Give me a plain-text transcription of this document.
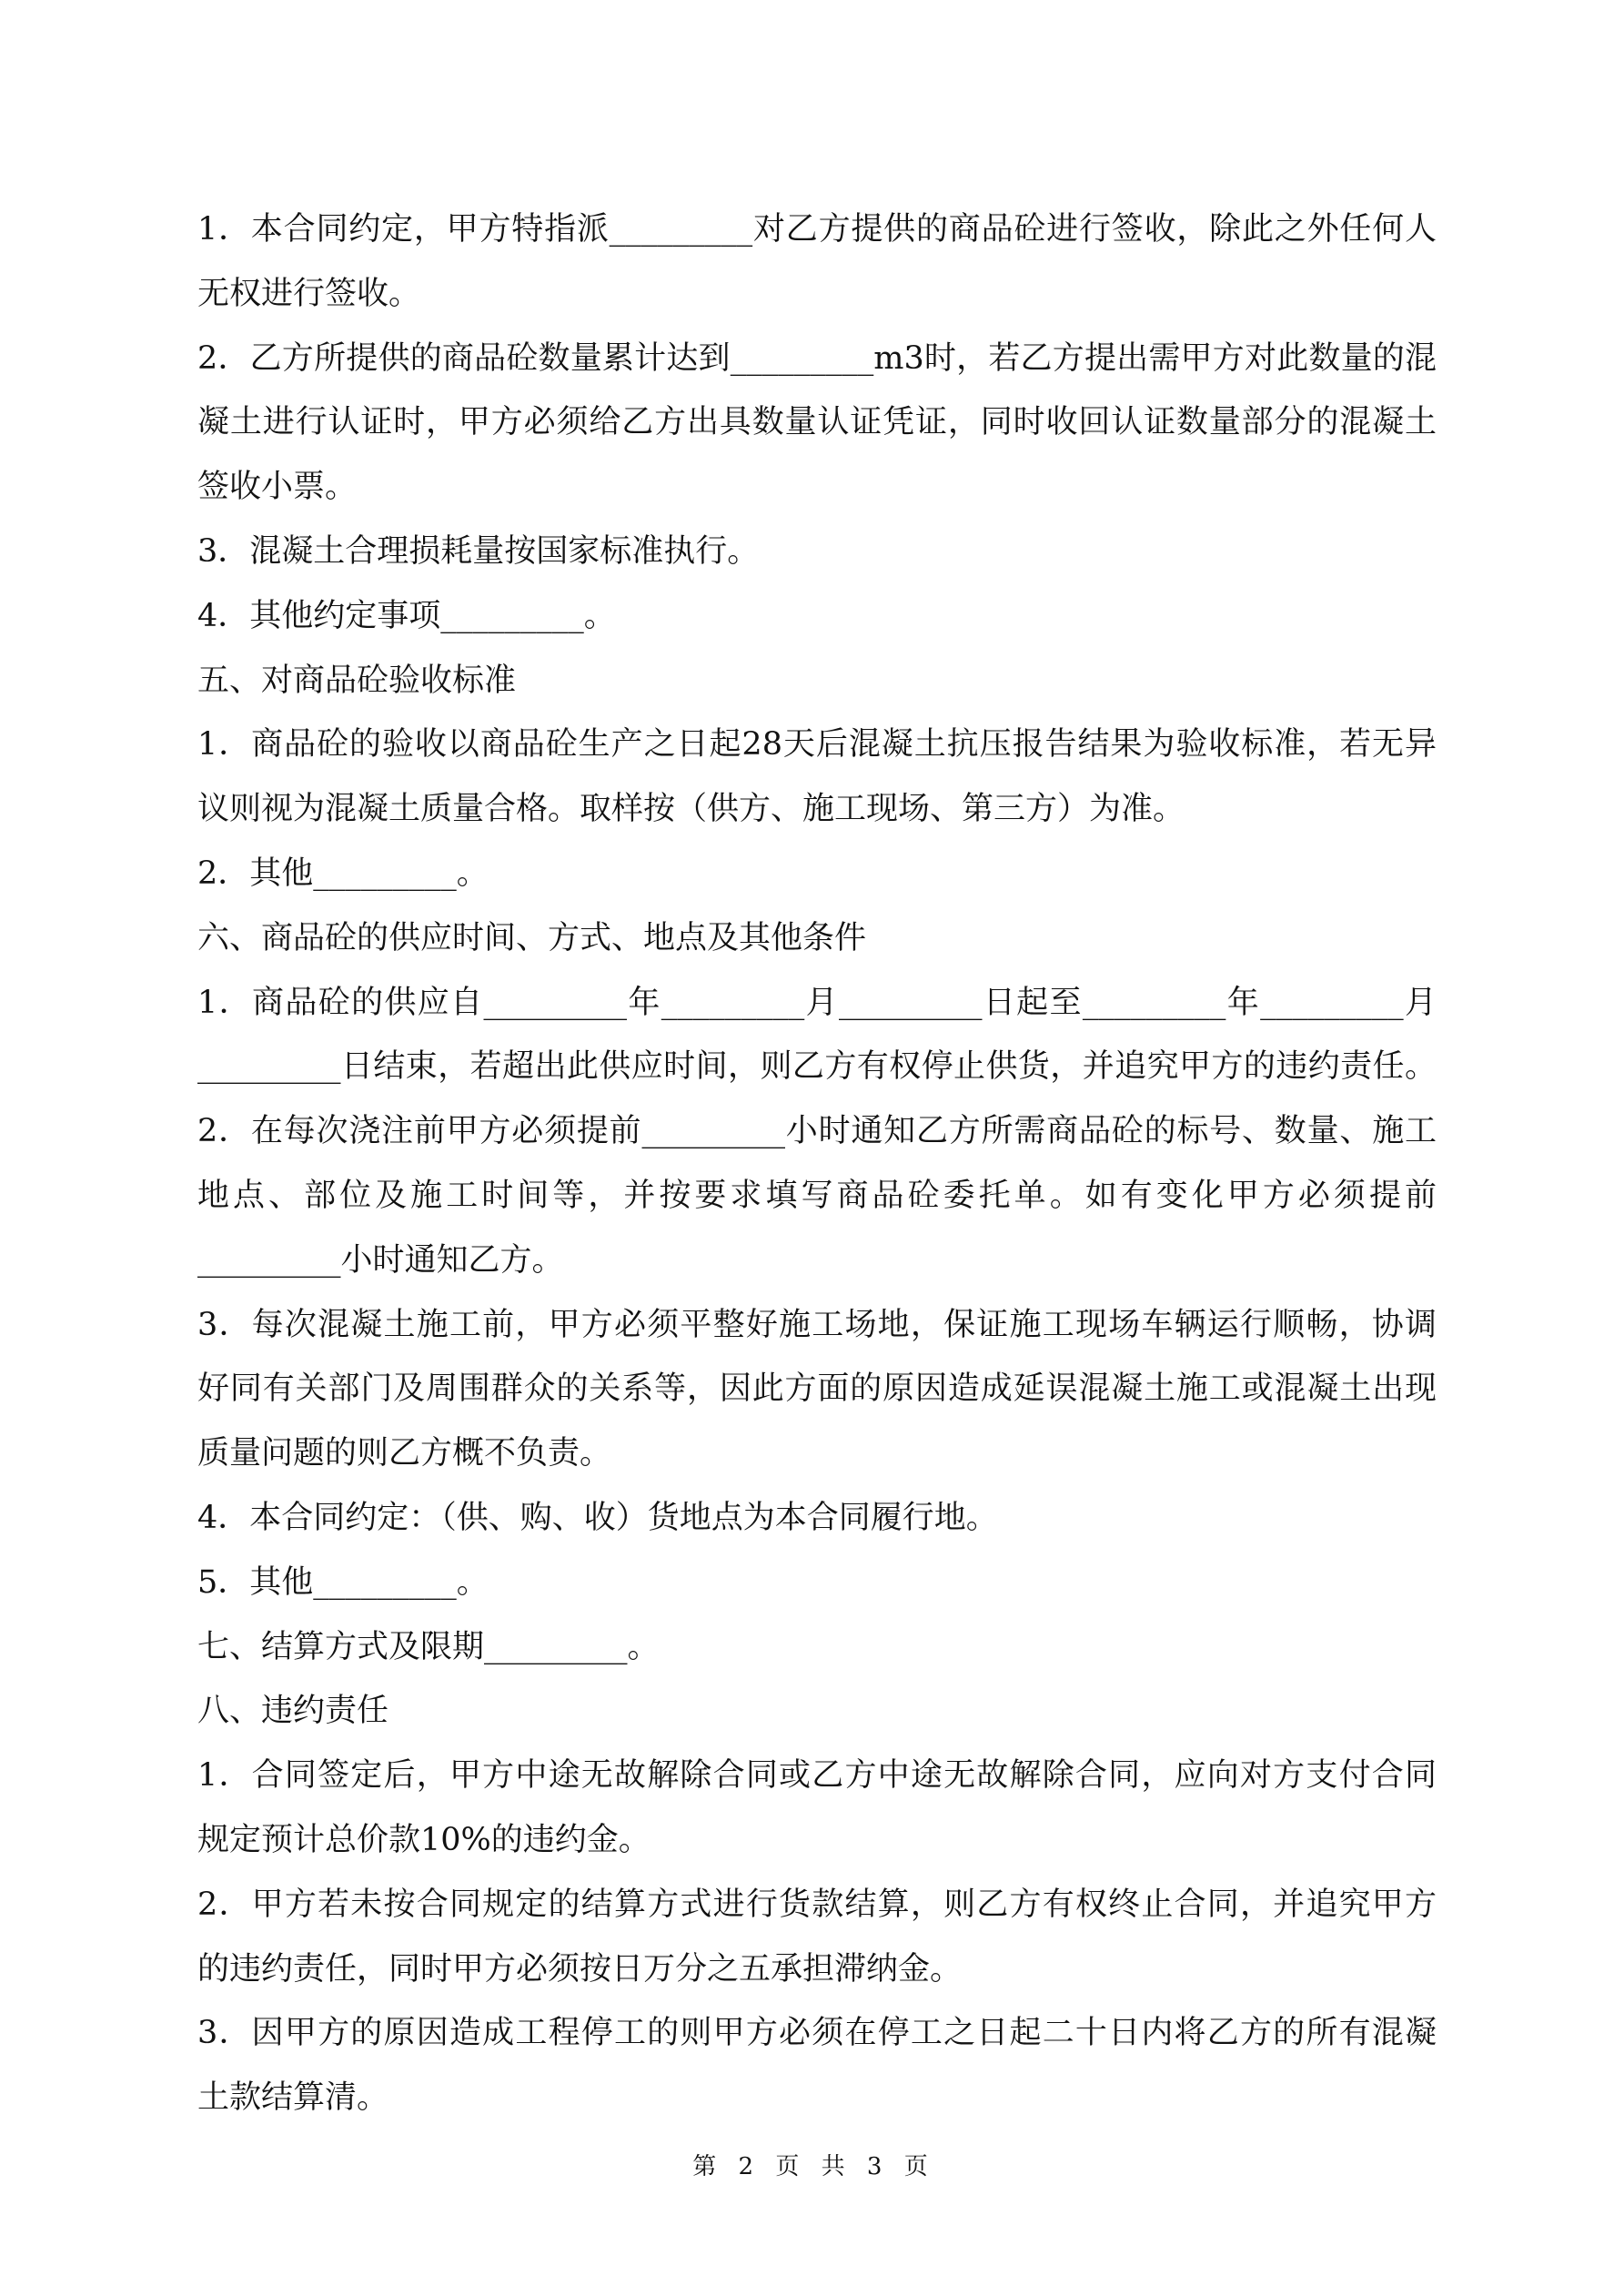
1．本合同约定，甲方特指派_________对乙方提供的商品砼进行签收，除此之外任何人
无权进行签收。
2．乙方所提供的商品砼数量累计达到_________m3时，若乙方提出需甲方对此数量的混
凝土进行认证时，甲方必须给乙方出具数量认证凭证，同时收回认证数量部分的混凝土
签收小票。
3．混凝土合理损耗量按国家标准执行。
4．其他约定事项_________。
五、对商品砼验收标准
1．商品砼的验收以商品砼生产之日起28天后混凝土抗压报告结果为验收标准，若无异
议则视为混凝土质量合格。取样按（供方、施工现场、第三方）为准。
2．其他_________。
六、商品砼的供应时间、方式、地点及其他条件
1．商品砼的供应自_________年_________月_________日起至_________年_________月
_________日结束，若超出此供应时间，则乙方有权停止供货，并追究甲方的违约责任。
2．在每次浇注前甲方必须提前_________小时通知乙方所需商品砼的标号、数量、施工
地点、部位及施工时间等，并按要求填写商品砼委托单。如有变化甲方必须提前
_________小时通知乙方。
3．每次混凝土施工前，甲方必须平整好施工场地，保证施工现场车辆运行顺畅，协调
好同有关部门及周围群众的关系等，因此方面的原因造成延误混凝土施工或混凝土出现
质量问题的则乙方概不负责。
4．本合同约定：（供、购、收）货地点为本合同履行地。
5．其他_________。
七、结算方式及限期_________。
八、违约责任
1．合同签定后，甲方中途无故解除合同或乙方中途无故解除合同，应向对方支付合同
规定预计总价款10%的违约金。
2．甲方若未按合同规定的结算方式进行货款结算，则乙方有权终止合同，并追究甲方
的违约责任，同时甲方必须按日万分之五承担滞纳金。
3．因甲方的原因造成工程停工的则甲方必须在停工之日起二十日内将乙方的所有混凝
土款结算清。
第 2 页 共 3 页
